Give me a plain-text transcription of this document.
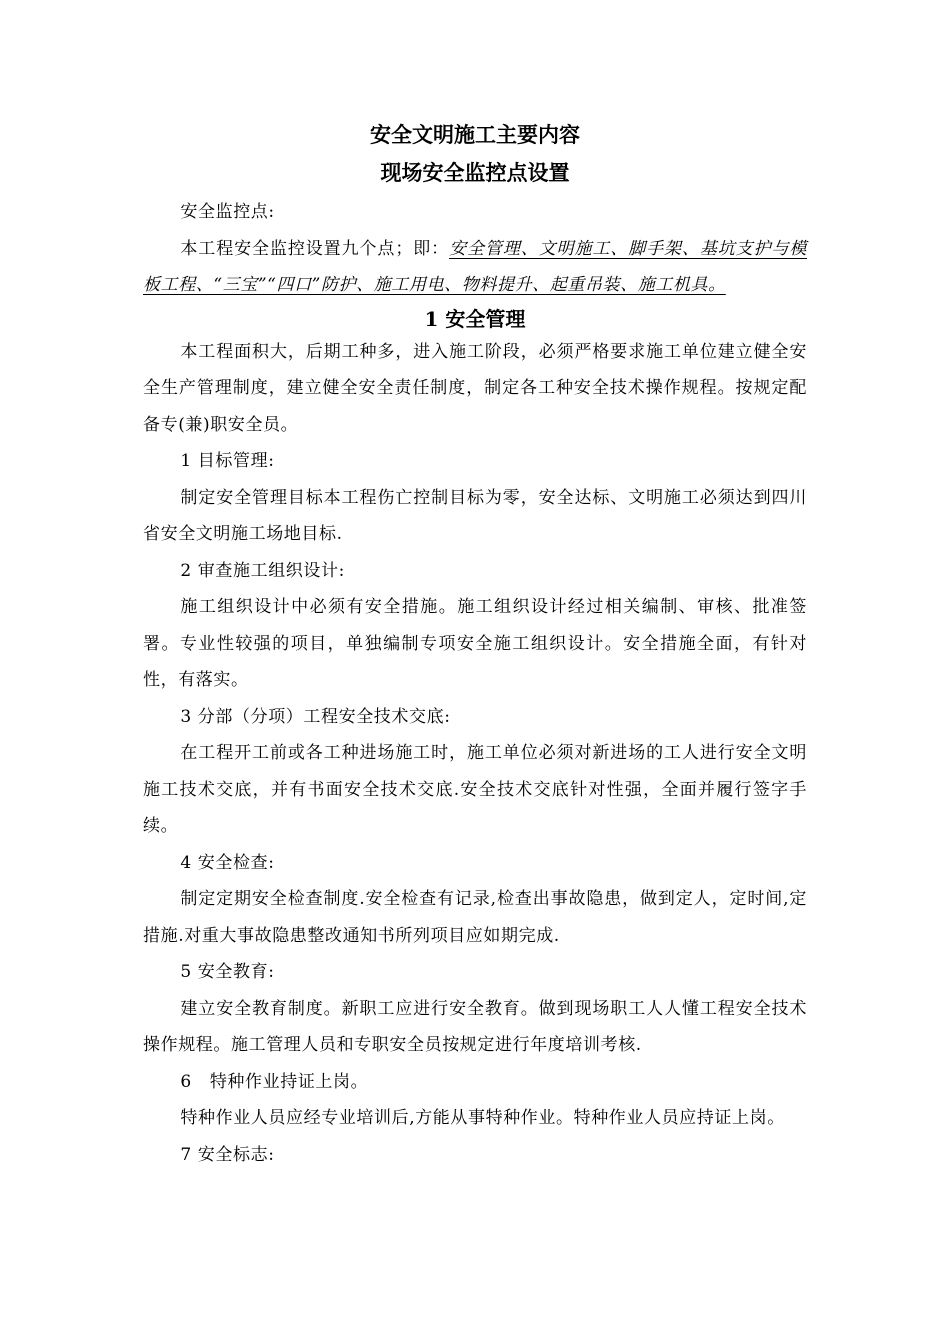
安全文明施工主要内容

现场安全监控点设置

安全监控点:

本工程安全监控设置九个点；即：安全管理、文明施工、脚手架、基坑支护与模板工程、“三宝”“四口”防护、施工用电、物料提升、起重吊装、施工机具。

1 安全管理

本工程面积大，后期工种多，进入施工阶段，必须严格要求施工单位建立健全安全生产管理制度，建立健全安全责任制度，制定各工种安全技术操作规程。按规定配备专(兼)职安全员。

1 目标管理:

制定安全管理目标本工程伤亡控制目标为零，安全达标、文明施工必须达到四川省安全文明施工场地目标.

2 审查施工组织设计:

施工组织设计中必须有安全措施。施工组织设计经过相关编制、审核、批准签署。专业性较强的项目，单独编制专项安全施工组织设计。安全措施全面，有针对性，有落实。

3 分部（分项）工程安全技术交底:

在工程开工前或各工种进场施工时，施工单位必须对新进场的工人进行安全文明施工技术交底，并有书面安全技术交底.安全技术交底针对性强，全面并履行签字手续。

4 安全检查:

制定定期安全检查制度.安全检查有记录,检查出事故隐患，做到定人，定时间,定措施.对重大事故隐患整改通知书所列项目应如期完成.

5 安全教育:

建立安全教育制度。新职工应进行安全教育。做到现场职工人人懂工程安全技术操作规程。施工管理人员和专职安全员按规定进行年度培训考核.

6   特种作业持证上岗。

特种作业人员应经专业培训后,方能从事特种作业。特种作业人员应持证上岗。

7 安全标志:
